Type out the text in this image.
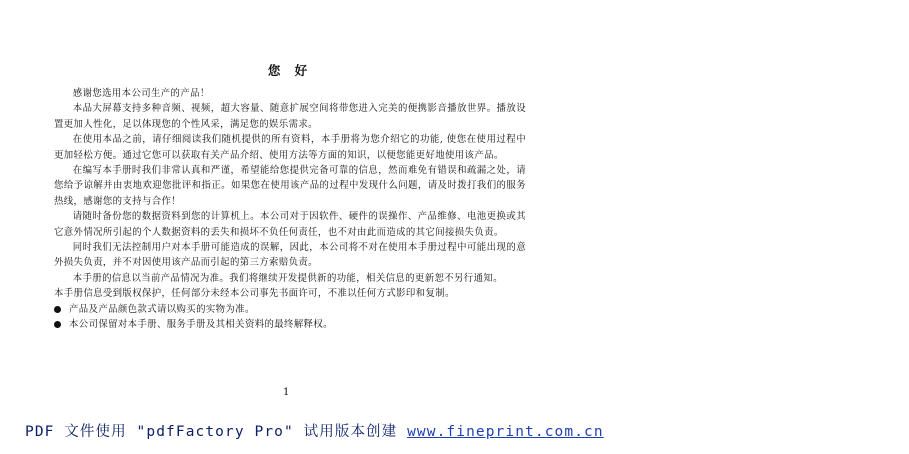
您 好

感谢您选用本公司生产的产品！

本品大屏幕支持多种音频、视频，超大容量、随意扩展空间将带您进入完美的便携影音播放世界。播放设置更加人性化，足以体现您的个性风采，满足您的娱乐需求。

在使用本品之前，请仔细阅读我们随机提供的所有资料，本手册将为您介绍它的功能, 使您在使用过程中更加轻松方便。通过它您可以获取有关产品介绍、使用方法等方面的知识，以便您能更好地使用该产品。

在编写本手册时我们非常认真和严谨，希望能给您提供完备可靠的信息，然而难免有错误和疏漏之处，请您给予谅解并由衷地欢迎您批评和指正。如果您在使用该产品的过程中发现什么问题，请及时拨打我们的服务热线，感谢您的支持与合作！

请随时备份您的数据资料到您的计算机上。本公司对于因软件、硬件的误操作、产品维修、电池更换或其它意外情况所引起的个人数据资料的丢失和损坏不负任何责任，也不对由此而造成的其它间接损失负责。

同时我们无法控制用户对本手册可能造成的误解，因此，本公司将不对在使用本手册过程中可能出现的意外损失负责，并不对因使用该产品而引起的第三方索赔负责。

本手册的信息以当前产品情况为准。我们将继续开发提供新的功能，相关信息的更新恕不另行通知。

本手册信息受到版权保护，任何部分未经本公司事先书面许可，不准以任何方式影印和复制。

产品及产品颜色款式请以购买的实物为准。
本公司保留对本手册、服务手册及其相关资料的最终解释权。
1
PDF 文件使用 "pdfFactory Pro" 试用版本创建 www.fineprint.com.cn
